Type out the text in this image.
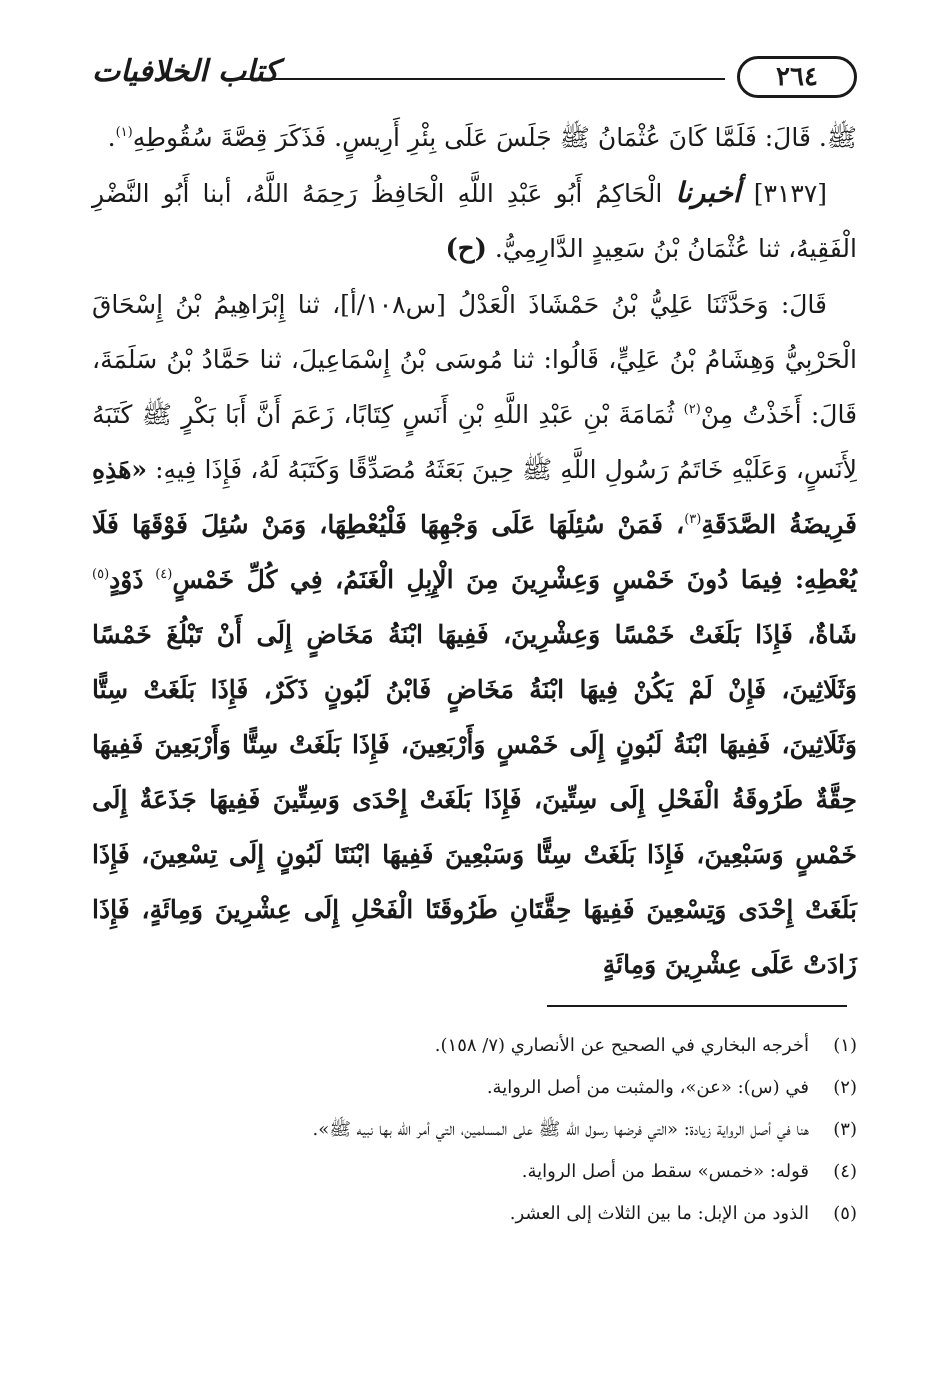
٢٦٤
كتاب الخلافيات

ﷺ. قَالَ: فَلَمَّا كَانَ عُثْمَانُ ﷺ جَلَسَ عَلَى بِئْرِ أَرِيسٍ. فَذَكَرَ قِصَّةَ سُقُوطِهِ$^{(١)}$.

[٣١٣٧] أخبرنا الْحَاكِمُ أَبُو عَبْدِ اللَّهِ الْحَافِظُ رَحِمَهُ اللَّهُ، أبنا أَبُو النَّضْرِ الْفَقِيهُ، ثنا عُثْمَانُ بْنُ سَعِيدٍ الدَّارِمِيُّ. (ح)

قَالَ: وَحَدَّثَنَا عَلِيُّ بْنُ حَمْشَاذَ الْعَدْلُ [س١٠٨/أ]، ثنا إِبْرَاهِيمُ بْنُ إِسْحَاقَ الْحَرْبِيُّ وَهِشَامُ بْنُ عَلِيٍّ، قَالُوا: ثنا مُوسَى بْنُ إِسْمَاعِيلَ، ثنا حَمَّادُ بْنُ سَلَمَةَ، قَالَ: أَخَذْتُ مِنْ$^{(٢)}$ ثُمَامَةَ بْنِ عَبْدِ اللَّهِ بْنِ أَنَسٍ كِتَابًا، زَعَمَ أَنَّ أَبَا بَكْرٍ ﷺ كَتَبَهُ لِأَنَسٍ، وَعَلَيْهِ خَاتَمُ رَسُولِ اللَّهِ ﷺ حِينَ بَعَثَهُ مُصَدِّقًا وَكَتَبَهُ لَهُ، فَإِذَا فِيهِ: «هَذِهِ فَرِيضَةُ الصَّدَقَةِ$^{(٣)}$، فَمَنْ سُئِلَهَا عَلَى وَجْهِهَا فَلْيُعْطِهَا، وَمَنْ سُئِلَ فَوْقَهَا فَلَا يُعْطِهِ: فِيمَا دُونَ خَمْسٍ وَعِشْرِينَ مِنَ الْإِبِلِ الْغَنَمُ، فِي كُلِّ خَمْسٍ$^{(٤)}$ ذَوْدٍ$^{(٥)}$ شَاةٌ، فَإِذَا بَلَغَتْ خَمْسًا وَعِشْرِينَ، فَفِيهَا ابْنَةُ مَخَاضٍ إِلَى أَنْ تَبْلُغَ خَمْسًا وَثَلَاثِينَ، فَإِنْ لَمْ يَكُنْ فِيهَا ابْنَةُ مَخَاضٍ فَابْنُ لَبُونٍ ذَكَرٌ، فَإِذَا بَلَغَتْ سِتًّا وَثَلَاثِينَ، فَفِيهَا ابْنَةُ لَبُونٍ إِلَى خَمْسٍ وَأَرْبَعِينَ، فَإِذَا بَلَغَتْ سِتًّا وَأَرْبَعِينَ فَفِيهَا حِقَّةٌ طَرُوقَةُ الْفَحْلِ إِلَى سِتِّينَ، فَإِذَا بَلَغَتْ إِحْدَى وَسِتِّينَ فَفِيهَا جَذَعَةٌ إِلَى خَمْسٍ وَسَبْعِينَ، فَإِذَا بَلَغَتْ سِتًّا وَسَبْعِينَ فَفِيهَا ابْنَتَا لَبُونٍ إِلَى تِسْعِينَ، فَإِذَا بَلَغَتْ إِحْدَى وَتِسْعِينَ فَفِيهَا حِقَّتَانِ طَرُوقَتَا الْفَحْلِ إِلَى عِشْرِينَ وَمِائَةٍ، فَإِذَا زَادَتْ عَلَى عِشْرِينَ وَمِائَةٍ

(١)
أخرجه البخاري في الصحيح عن الأنصاري (٧/ ١٥٨).
(٢)
في (س): «عن»، والمثبت من أصل الرواية.
(٣)
هنا في أصل الرواية زيادة: «التي فرضها رسول الله ﷺ على المسلمين، التي أمر الله بها نبيه ﷺ».
(٤)
قوله: «خمس» سقط من أصل الرواية.
(٥)
الذود من الإبل: ما بين الثلاث إلى العشر.
